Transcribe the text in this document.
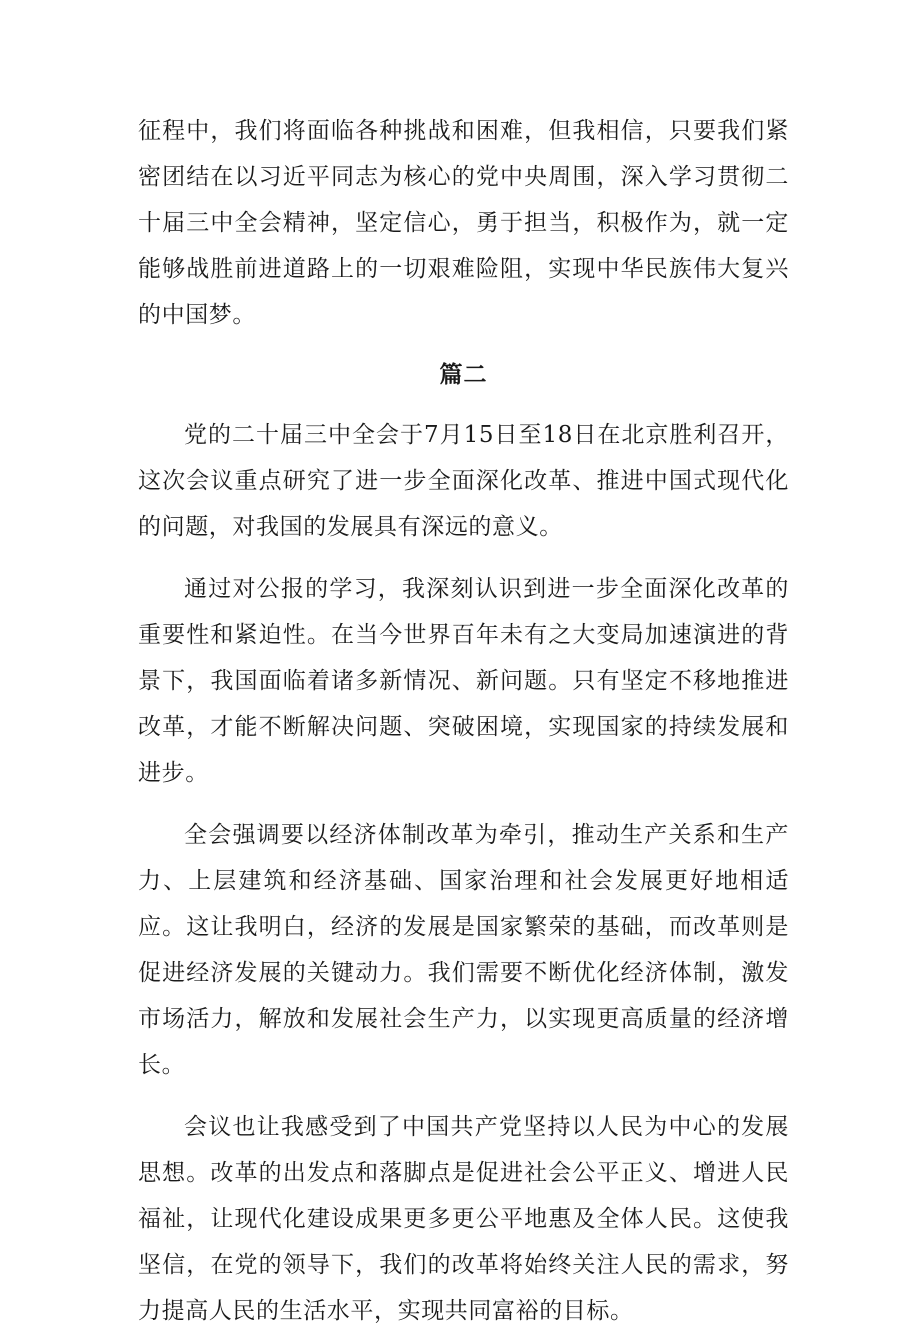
征程中，我们将面临各种挑战和困难，但我相信，只要我们紧密团结在以习近平同志为核心的党中央周围，深入学习贯彻二十届三中全会精神，坚定信心，勇于担当，积极作为，就一定能够战胜前进道路上的一切艰难险阻，实现中华民族伟大复兴的中国梦。

篇二

党的二十届三中全会于7月15日至18日在北京胜利召开，这次会议重点研究了进一步全面深化改革、推进中国式现代化的问题，对我国的发展具有深远的意义。

通过对公报的学习，我深刻认识到进一步全面深化改革的重要性和紧迫性。在当今世界百年未有之大变局加速演进的背景下，我国面临着诸多新情况、新问题。只有坚定不移地推进改革，才能不断解决问题、突破困境，实现国家的持续发展和进步。

全会强调要以经济体制改革为牵引，推动生产关系和生产力、上层建筑和经济基础、国家治理和社会发展更好地相适应。这让我明白，经济的发展是国家繁荣的基础，而改革则是促进经济发展的关键动力。我们需要不断优化经济体制，激发市场活力，解放和发展社会生产力，以实现更高质量的经济增长。

会议也让我感受到了中国共产党坚持以人民为中心的发展思想。改革的出发点和落脚点是促进社会公平正义、增进人民福祉，让现代化建设成果更多更公平地惠及全体人民。这使我坚信，在党的领导下，我们的改革将始终关注人民的需求，努力提高人民的生活水平，实现共同富裕的目标。
